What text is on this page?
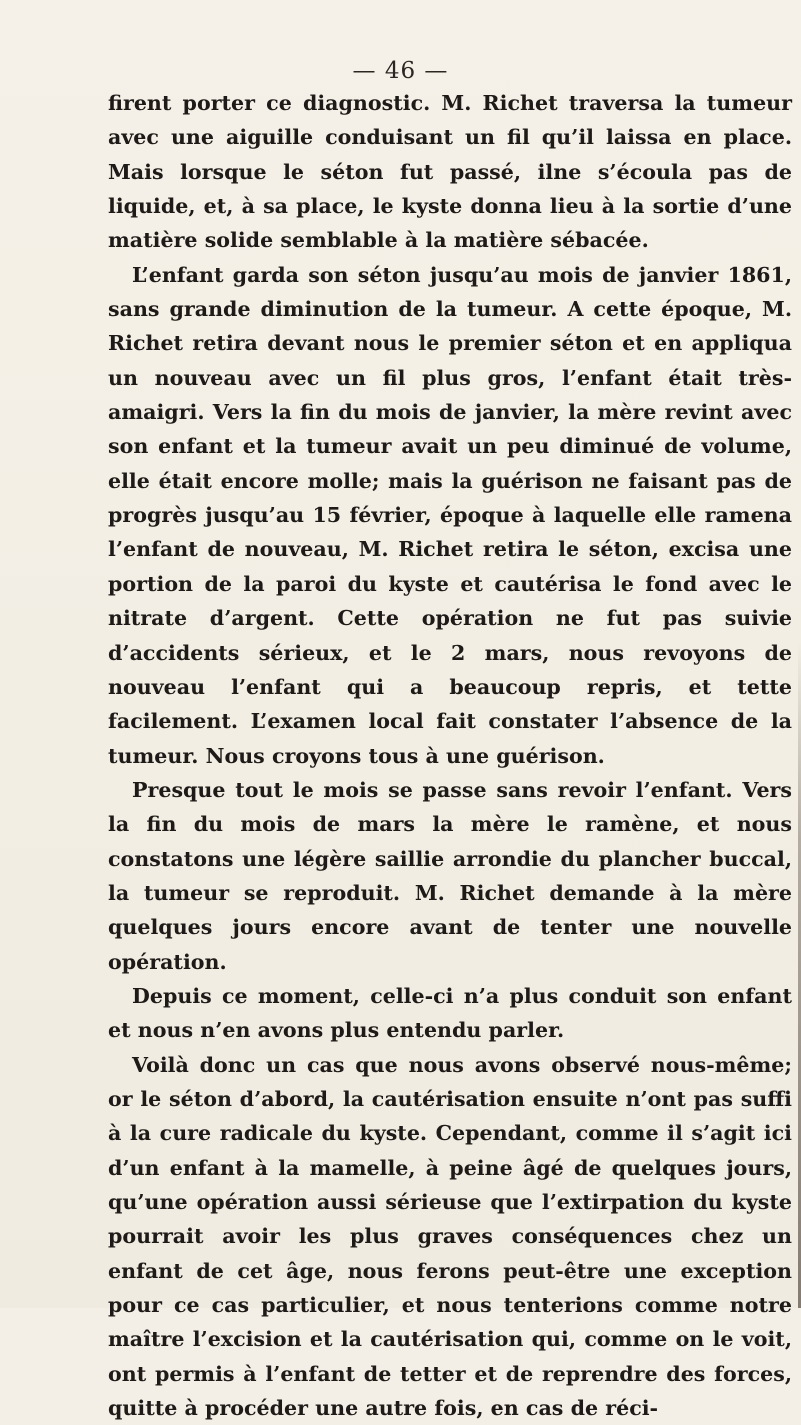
— 46 —

firent porter ce diagnostic. M. Richet traversa la tumeur avec une aiguille conduisant un fil qu’il laissa en place. Mais lorsque le séton fut passé, ilne s’écoula pas de liquide, et, à sa place, le kyste donna lieu à la sortie d’une matière solide semblable à la matière sébacée.

L’enfant garda son séton jusqu’au mois de janvier 1861, sans grande diminution de la tumeur. A cette époque, M. Richet retira devant nous le premier séton et en appliqua un nouveau avec un fil plus gros, l’enfant était très-amaigri. Vers la fin du mois de janvier, la mère revint avec son enfant et la tumeur avait un peu diminué de volume, elle était encore molle; mais la guérison ne faisant pas de progrès jusqu’au 15 février, époque à laquelle elle ramena l’enfant de nouveau, M. Richet retira le séton, excisa une portion de la paroi du kyste et cautérisa le fond avec le nitrate d’argent. Cette opération ne fut pas suivie d’accidents sérieux, et le 2 mars, nous revoyons de nouveau l’enfant qui a beaucoup repris, et tette facilement. L’examen local fait constater l’absence de la tumeur. Nous croyons tous à une guérison.

Presque tout le mois se passe sans revoir l’enfant. Vers la fin du mois de mars la mère le ramène, et nous constatons une légère saillie arrondie du plancher buccal, la tumeur se reproduit. M. Richet demande à la mère quelques jours encore avant de tenter une nouvelle opération.

Depuis ce moment, celle-ci n’a plus conduit son enfant et nous n’en avons plus entendu parler.

Voilà donc un cas que nous avons observé nous-même; or le séton d’abord, la cautérisation ensuite n’ont pas suffi à la cure radicale du kyste. Cependant, comme il s’agit ici d’un enfant à la mamelle, à peine âgé de quelques jours, qu’une opération aussi sérieuse que l’extirpation du kyste pourrait avoir les plus graves conséquences chez un enfant de cet âge, nous ferons peut-être une exception pour ce cas particulier, et nous tenterions comme notre maître l’excision et la cautérisation qui, comme on le voit, ont permis à l’enfant de tetter et de reprendre des forces, quitte à procéder une autre fois, en cas de réci-
